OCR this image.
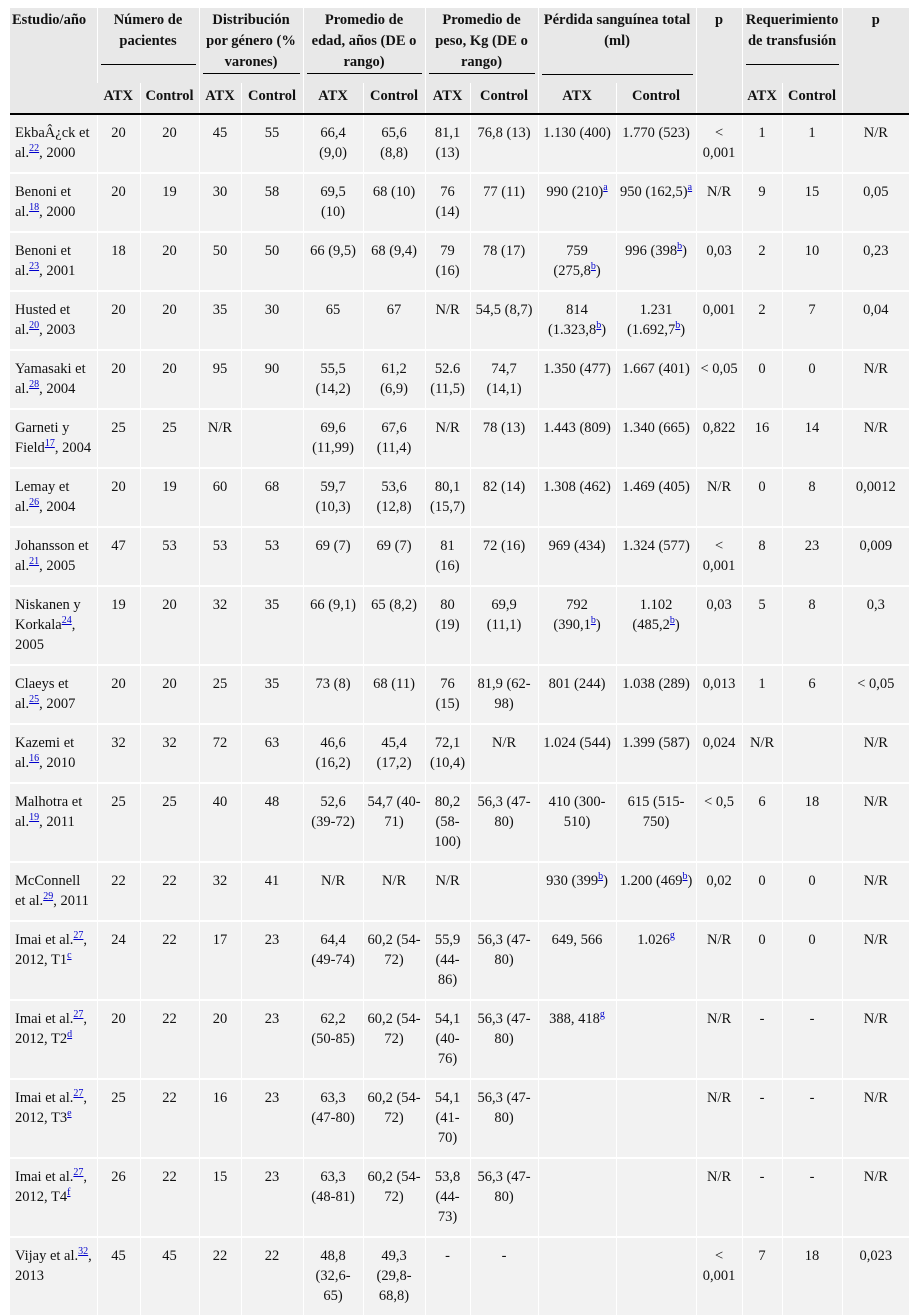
Estudio/año	Número de pacientes		Distribución por género (% varones)		Promedio de edad, años (DE o rango)		Promedio de peso, Kg (DE o rango)		Pérdida sanguínea total (ml)		p	Requerimiento de transfusión		p
	ATX	Control	ATX	Control	ATX	Control	ATX	Control	ATX	Control		ATX	Control	
EkbaÂ¿ck et al.$^{22}$, 2000	20	20	45	55	66,4 (9,0)	65,6 (8,8)	81,1 (13)	76,8 (13)	1.130 (400)	1.770 (523)	< 0,001	1	1	N/R
Benoni et al.$^{18}$, 2000	20	19	30	58	69,5 (10)	68 (10)	76 (14)	77 (11)	990 (210)$^a$	950 (162,5)$^a$	N/R	9	15	0,05
Benoni et al.$^{23}$, 2001	18	20	50	50	66 (9,5)	68 (9,4)	79 (16)	78 (17)	759 (275,8$^b$)	996 (398$^b$)	0,03	2	10	0,23
Husted et al.$^{20}$, 2003	20	20	35	30	65	67	N/R	54,5 (8,7)	814 (1.323,8$^b$)	1.231 (1.692,7$^b$)	0,001	2	7	0,04
Yamasaki et al.$^{28}$, 2004	20	20	95	90	55,5 (14,2)	61,2 (6,9)	52.6 (11,5)	74,7 (14,1)	1.350 (477)	1.667 (401)	< 0,05	0	0	N/R
Garneti y Field$^{17}$, 2004	25	25	N/R		69,6 (11,99)	67,6 (11,4)	N/R	78 (13)	1.443 (809)	1.340 (665)	0,822	16	14	N/R
Lemay et al.$^{26}$, 2004	20	19	60	68	59,7 (10,3)	53,6 (12,8)	80,1 (15,7)	82 (14)	1.308 (462)	1.469 (405)	N/R	0	8	0,0012
Johansson et al.$^{21}$, 2005	47	53	53	53	69 (7)	69 (7)	81 (16)	72 (16)	969 (434)	1.324 (577)	< 0,001	8	23	0,009
Niskanen y Korkala$^{24}$, 2005	19	20	32	35	66 (9,1)	65 (8,2)	80 (19)	69,9 (11,1)	792 (390,1$^b$)	1.102 (485,2$^b$)	0,03	5	8	0,3
Claeys et al.$^{25}$, 2007	20	20	25	35	73 (8)	68 (11)	76 (15)	81,9 (62-98)	801 (244)	1.038 (289)	0,013	1	6	< 0,05
Kazemi et al.$^{16}$, 2010	32	32	72	63	46,6 (16,2)	45,4 (17,2)	72,1 (10,4)	N/R	1.024 (544)	1.399 (587)	0,024	N/R		N/R
Malhotra et al.$^{19}$, 2011	25	25	40	48	52,6 (39-72)	54,7 (40-71)	80,2 (58-100)	56,3 (47-80)	410 (300-510)	615 (515-750)	< 0,5	6	18	N/R
McConnell et al.$^{29}$, 2011	22	22	32	41	N/R	N/R	N/R		930 (399$^b$)	1.200 (469$^b$)	0,02	0	0	N/R
Imai et al.$^{27}$, 2012, T1$^c$	24	22	17	23	64,4 (49-74)	60,2 (54-72)	55,9 (44-86)	56,3 (47-80)	649, 566	1.026$^g$	N/R	0	0	N/R
Imai et al.$^{27}$, 2012, T2$^d$	20	22	20	23	62,2 (50-85)	60,2 (54-72)	54,1 (40-76)	56,3 (47-80)	388, 418$^g$		N/R	-	-	N/R
Imai et al.$^{27}$, 2012, T3e	25	22	16	23	63,3 (47-80)	60,2 (54-72)	54,1 (41-70)	56,3 (47-80)			N/R	-	-	N/R
Imai et al.$^{27}$, 2012, T4$^f$	26	22	15	23	63,3 (48-81)	60,2 (54-72)	53,8 (44-73)	56,3 (47-80)			N/R	-	-	N/R
Vijay et al.$^{32}$, 2013	45	45	22	22	48,8 (32,6-65)	49,3 (29,8-68,8)	-	-			< 0,001	7	18	0,023
